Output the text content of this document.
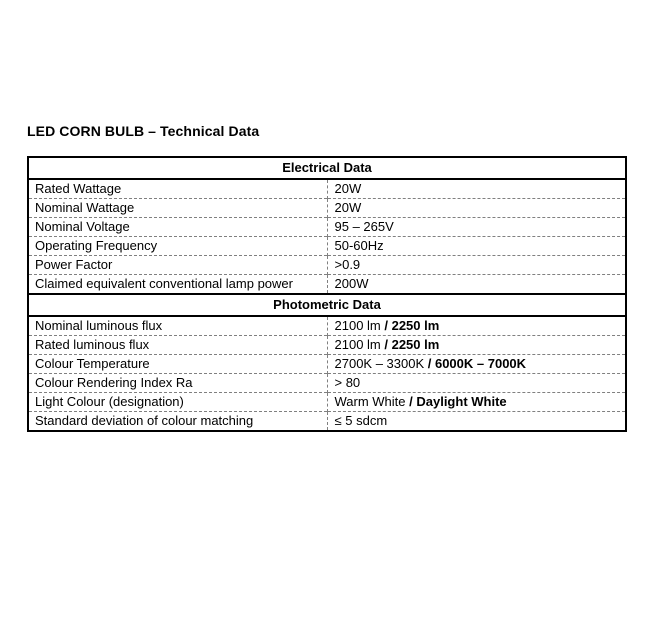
LED CORN BULB – Technical Data
Electrical Data	
Rated Wattage	20W
Nominal Wattage	20W
Nominal Voltage	95 – 265V
Operating Frequency	50-60Hz
Power Factor	>0.9
Claimed equivalent conventional lamp power	200W
Photometric Data	
Nominal luminous flux	2100 lm / 2250 lm
Rated luminous flux	2100 lm / 2250 lm
Colour Temperature	2700K – 3300K / 6000K – 7000K
Colour Rendering Index Ra	> 80
Light Colour (designation)	Warm White / Daylight White
Standard deviation of colour matching	≤ 5 sdcm
